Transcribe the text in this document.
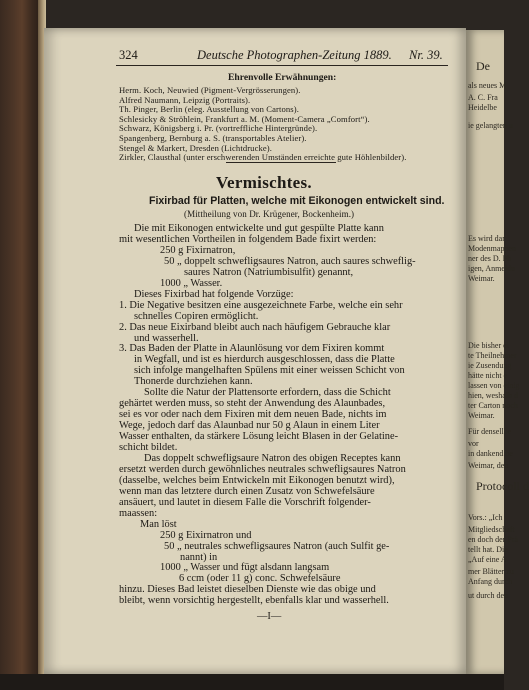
324	Deutsche Photographen-Zeitung 1889. Nr. 39.
Ehrenvolle Erwähnungen:
Herm. Koch, Neuwied (Pigment-Vergrösserungen).
Alfred Naumann, Leipzig (Portraits).
Th. Pinger, Berlin (eleg. Ausstellung von Cartons).
Schlesicky & Ströhlein, Frankfurt a. M. (Moment-Camera „Comfort“).
Schwarz, Königsberg i. Pr. (vortreffliche Hintergründe).
Spangenberg, Bernburg a. S. (transportables Atelier).
Stengel & Markert, Dresden (Lichtdrucke).
Zirkler, Clausthal (unter erschwerenden Umständen erreichte gute Höhlenbilder).
Vermischtes.
Fixirbad für Platten, welche mit Eikonogen entwickelt sind.
(Mittheilung von Dr. Krügener, Bockenheim.)
Die mit Eikonogen entwickelte und gut gespülte Platte kann
mit wesentlichen Vortheilen in folgendem Bade fixirt werden:
250 g Fixirnatron,
50 „ doppelt schwefligsaures Natron, auch saures schweflig-
saures Natron (Natriumbisulfit) genannt,
1000 „ Wasser.
Dieses Fixirbad hat folgende Vorzüge:
1. Die Negative besitzen eine ausgezeichnete Farbe, welche ein sehr
schnelles Copiren ermöglicht.
2. Das neue Eixirband bleibt auch nach häufigem Gebrauche klar
und wasserhell.
3. Das Baden der Platte in Alaunlösung vor dem Fixiren kommt
in Wegfall, und ist es hierdurch ausgeschlossen, dass die Platte
sich infolge mangelhaften Spülens mit einer weissen Schicht von
Thonerde durchziehen kann.
Sollte die Natur der Plattensorte erfordern, dass die Schicht
gehärtet werden muss, so steht der Anwendung des Alaunbades,
sei es vor oder nach dem Fixiren mit dem neuen Bade, nichts im
Wege, jedoch darf das Alaunbad nur 50 g Alaun in einem Liter
Wasser enthalten, da stärkere Lösung leicht Blasen in der Gelatine-
schicht bildet.
Das doppelt schwefligsaure Natron des obigen Receptes kann
ersetzt werden durch gewöhnliches neutrales schwefligsaures Natron
(dasselbe, welches beim Entwickeln mit Eikonogen benutzt wird),
wenn man das letztere durch einen Zusatz von Schwefelsäure
ansäuert, und lautet in diesem Falle die Vorschrift folgender-
maassen:
Man löst
250 g Eixirnatron und
50 „ neutrales schwefligsaures Natron (auch Sulfit ge-
nannt) in
1000 „ Wasser und fügt alsdann langsam
6 ccm (oder 11 g) conc. Schwefelsäure
hinzu. Dieses Bad leistet dieselben Dienste wie das obige und
bleibt, wenn vorsichtig hergestellt, ebenfalls klar und wasserhell.
—I—
De
als neues M
A. C. Fra
Heidelbe
ie gelangten u
Es wird dar
Modenmappen
ner des D. Ph
igen, Anmeldu
Weimar.
Die bisher ei
te Theilnehmer
ie Zusendung
hätte nicht e
lassen von einig
hien, weshalb d
ter Carton noch
Weimar.
Für densellbe
vor
in dankend be
Weimar, den
Protocoll d
Vors.: „Ich
Mitgliedschaft
en doch der Prä
tellt hat. Die
„Auf eine A
mer Blätter zu
Anfang durch
ut durch den
